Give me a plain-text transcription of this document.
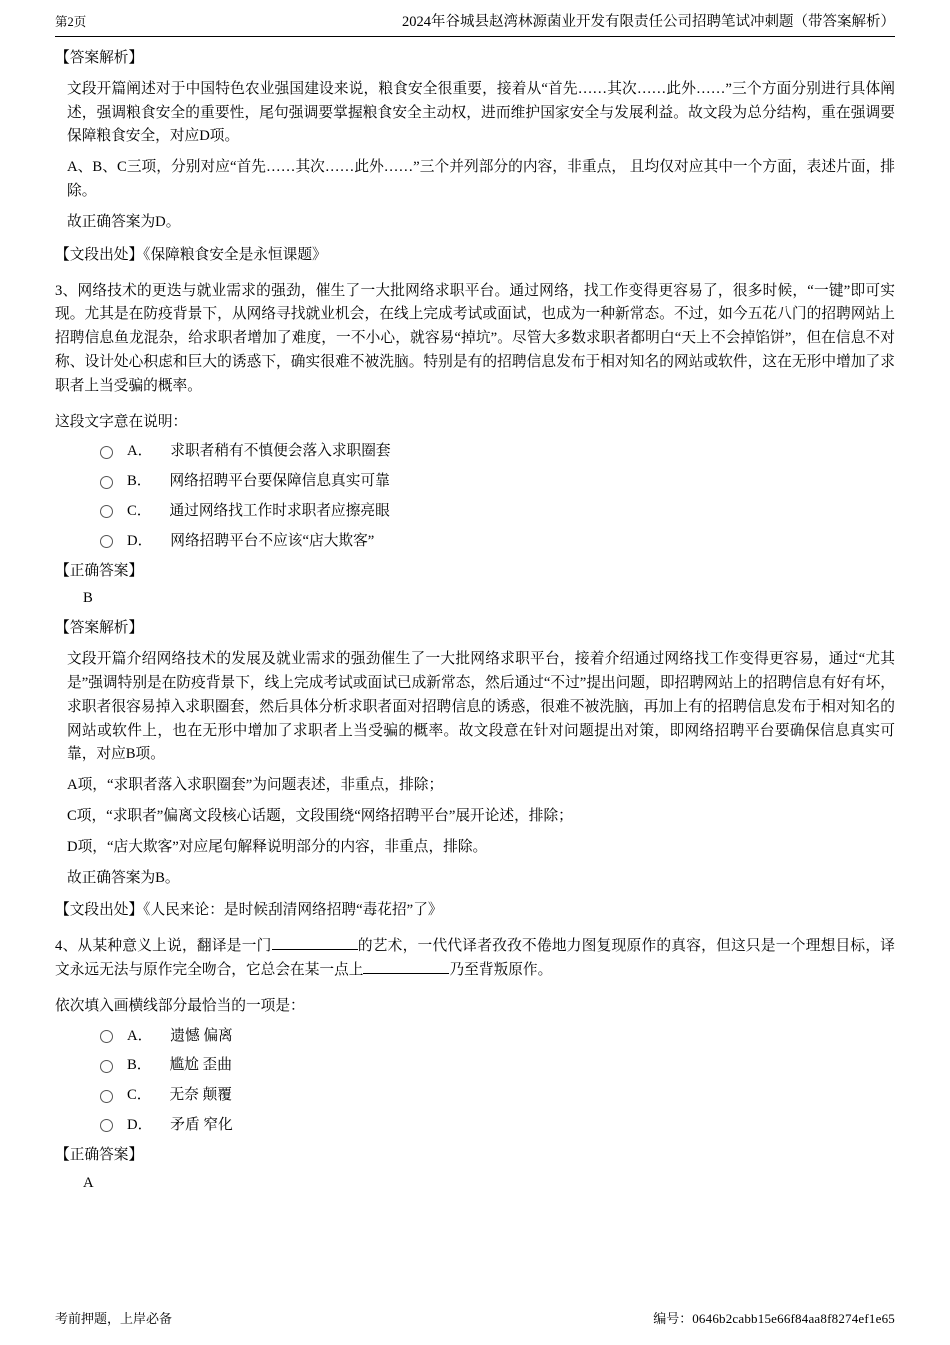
第2页	2024年谷城县赵湾林源菌业开发有限责任公司招聘笔试冲刺题（带答案解析）
【答案解析】

文段开篇阐述对于中国特色农业强国建设来说，粮食安全很重要，接着从“首先……其次……此外……”三个方面分别进行具体阐述，强调粮食安全的重要性，尾句强调要掌握粮食安全主动权，进而维护国家安全与发展利益。故文段为总分结构，重在强调要保障粮食安全，对应D项。

A、B、C三项，分别对应“首先……其次……此外……”三个并列部分的内容，非重点， 且均仅对应其中一个方面，表述片面，排除。

故正确答案为D。

【文段出处】《保障粮食安全是永恒课题》

3、网络技术的更迭与就业需求的强劲，催生了一大批网络求职平台。通过网络，找工作变得更容易了，很多时候，“一键”即可实现。尤其是在防疫背景下，从网络寻找就业机会，在线上完成考试或面试，也成为一种新常态。不过，如今五花八门的招聘网站上招聘信息鱼龙混杂，给求职者增加了难度，一不小心，就容易“掉坑”。尽管大多数求职者都明白“天上不会掉馅饼”，但在信息不对称、设计处心积虑和巨大的诱惑下，确实很难不被洗脑。特别是有的招聘信息发布于相对知名的网站或软件，这在无形中增加了求职者上当受骗的概率。

这段文字意在说明：

A． 求职者稍有不慎便会落入求职圈套
B． 网络招聘平台要保障信息真实可靠
C． 通过网络找工作时求职者应擦亮眼
D． 网络招聘平台不应该“店大欺客”
【正确答案】
B
【答案解析】

文段开篇介绍网络技术的发展及就业需求的强劲催生了一大批网络求职平台，接着介绍通过网络找工作变得更容易，通过“尤其是”强调特别是在防疫背景下，线上完成考试或面试已成新常态，然后通过“不过”提出问题，即招聘网站上的招聘信息有好有坏，求职者很容易掉入求职圈套，然后具体分析求职者面对招聘信息的诱惑，很难不被洗脑，再加上有的招聘信息发布于相对知名的网站或软件上，也在无形中增加了求职者上当受骗的概率。故文段意在针对问题提出对策，即网络招聘平台要确保信息真实可靠，对应B项。

A项，“求职者落入求职圈套”为问题表述，非重点，排除；

C项，“求职者”偏离文段核心话题，文段围绕“网络招聘平台”展开论述，排除；

D项，“店大欺客”对应尾句解释说明部分的内容，非重点，排除。

故正确答案为B。

【文段出处】《人民来论：是时候刮清网络招聘“毒花招”了》

4、从某种意义上说，翻译是一门	的艺术，一代代译者孜孜不倦地力图复现原作的真容，但这只是一个理想目标，译文永远无法与原作完全吻合，它总会在某一点上	乃至背叛原作。

依次填入画横线部分最恰当的一项是：

A． 遗憾 偏离
B． 尴尬 歪曲
C． 无奈 颠覆
D． 矛盾 窄化
【正确答案】
A
考前押题，上岸必备	编号：0646b2cabb15e66f84aa8f8274ef1e65
